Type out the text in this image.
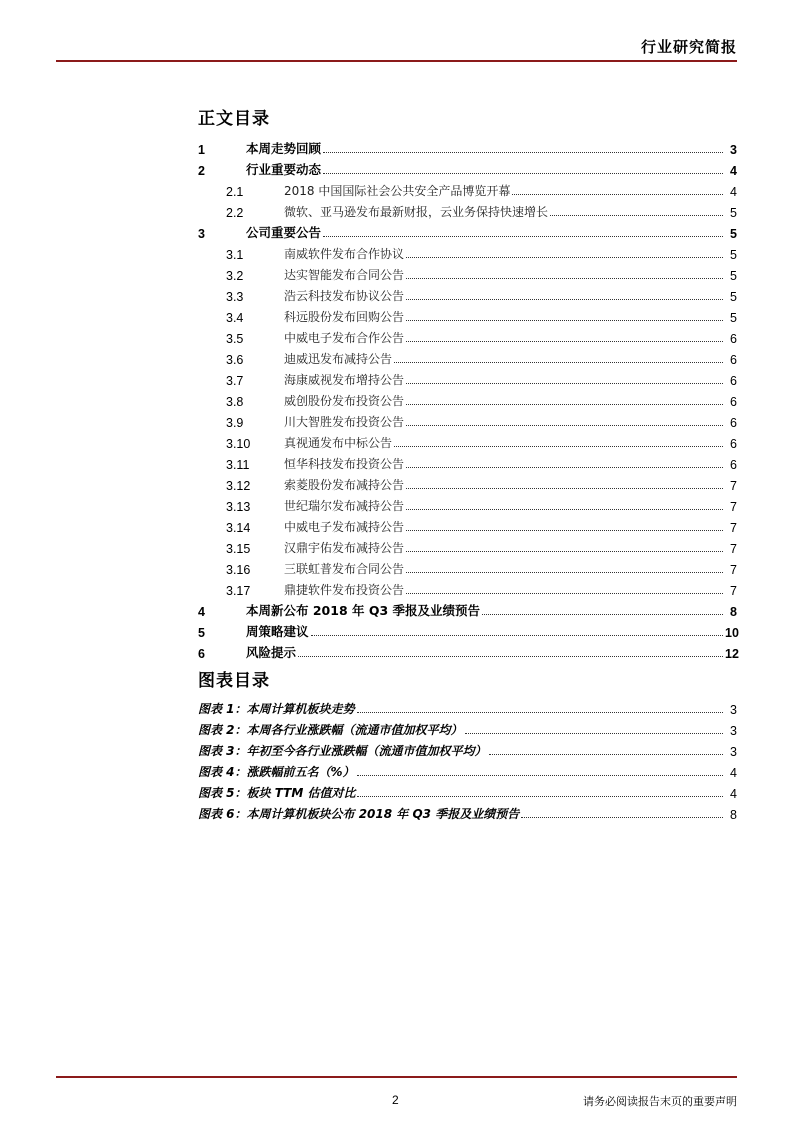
行业研究简报
正文目录
1	本周走势回顾	3
2	行业重要动态	4
2.1	2018 中国国际社会公共安全产品博览开幕	4
2.2	微软、亚马逊发布最新财报，云业务保持快速增长	5
3	公司重要公告	5
3.1	南威软件发布合作协议	5
3.2	达实智能发布合同公告	5
3.3	浩云科技发布协议公告	5
3.4	科远股份发布回购公告	5
3.5	中威电子发布合作公告	6
3.6	迪威迅发布减持公告	6
3.7	海康威视发布增持公告	6
3.8	威创股份发布投资公告	6
3.9	川大智胜发布投资公告	6
3.10	真视通发布中标公告	6
3.11	恒华科技发布投资公告	6
3.12	索菱股份发布减持公告	7
3.13	世纪瑞尔发布减持公告	7
3.14	中威电子发布减持公告	7
3.15	汉鼎宇佑发布减持公告	7
3.16	三联虹普发布合同公告	7
3.17	鼎捷软件发布投资公告	7
4	本周新公布 2018 年 Q3 季报及业绩预告	8
5	周策略建议	10
6	风险提示	12
图表目录
图表 1：本周计算机板块走势	3
图表 2：本周各行业涨跌幅（流通市值加权平均）	3
图表 3：年初至今各行业涨跌幅（流通市值加权平均）	3
图表 4：涨跌幅前五名（%）	4
图表 5：板块 TTM 估值对比	4
图表 6：本周计算机板块公布 2018 年 Q3 季报及业绩预告	8
2	请务必阅读报告末页的重要声明
